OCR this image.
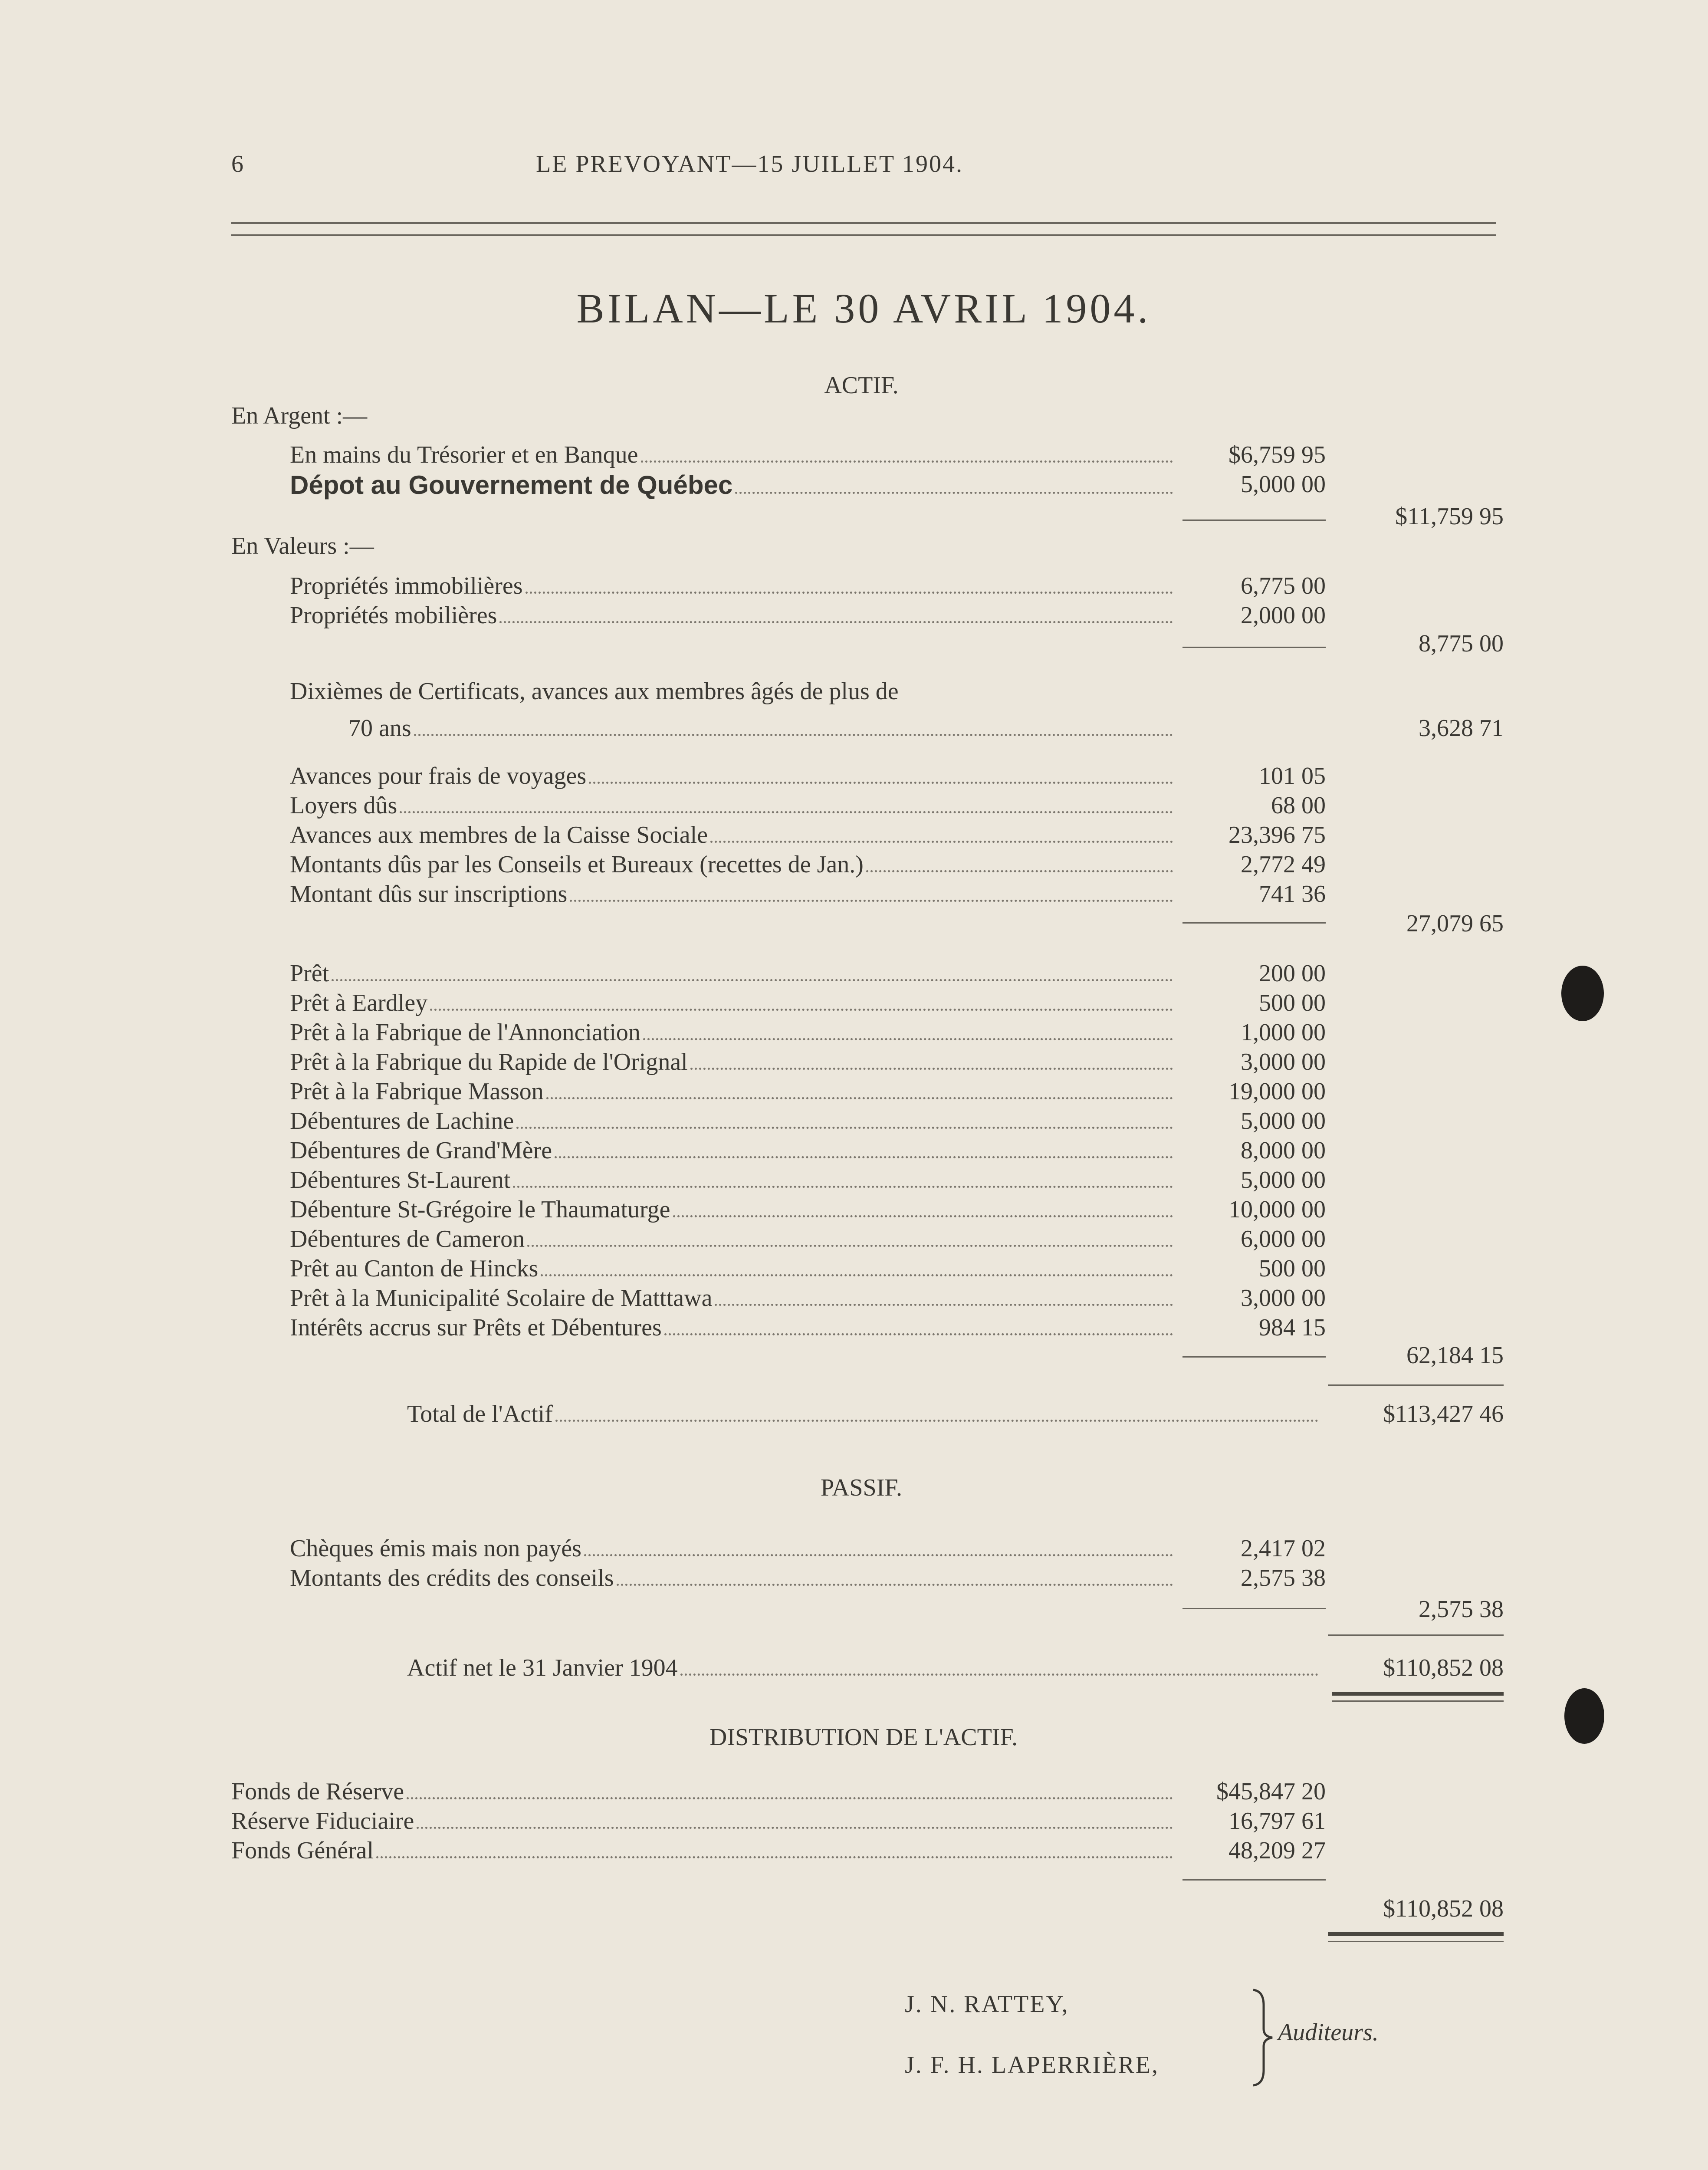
6	LE PREVOYANT—15 JUILLET 1904.
BILAN—LE 30 AVRIL 1904.
ACTIF.
En Argent :—
En mains du Trésorier et en Banque	$6,759 95
Dépot au Gouvernement de Québec	5,000 00
$11,759 95
En Valeurs :—
Propriétés immobilières	6,775 00
Propriétés mobilières	2,000 00
8,775 00
Dixièmes de Certificats, avances aux membres âgés de plus de
70 ans	3,628 71
Avances pour frais de voyages	101 05
Loyers dûs	68 00
Avances aux membres de la Caisse Sociale	23,396 75
Montants dûs par les Conseils et Bureaux (recettes de Jan.)	2,772 49
Montant dûs sur inscriptions	741 36
27,079 65
Prêt	200 00
Prêt à Eardley	500 00
Prêt à la Fabrique de l'Annonciation	1,000 00
Prêt à la Fabrique du Rapide de l'Orignal	3,000 00
Prêt à la Fabrique Masson	19,000 00
Débentures de Lachine	5,000 00
Débentures de Grand'Mère	8,000 00
Débentures St-Laurent	5,000 00
Débenture St-Grégoire le Thaumaturge	10,000 00
Débentures de Cameron	6,000 00
Prêt au Canton de Hincks	500 00
Prêt à la Municipalité Scolaire de Matttawa	3,000 00
Intérêts accrus sur Prêts et Débentures	984 15
62,184 15
Total de l'Actif	$113,427 46
PASSIF.
Chèques émis mais non payés	2,417 02
Montants des crédits des conseils	2,575 38
2,575 38
Actif net le 31 Janvier 1904	$110,852 08
DISTRIBUTION DE L'ACTIF.
Fonds de Réserve	$45,847 20
Réserve Fiduciaire	16,797 61
Fonds Général	48,209 27
$110,852 08
J. N. RATTEY,
J. F. H. LAPERRIÈRE,
Auditeurs.
